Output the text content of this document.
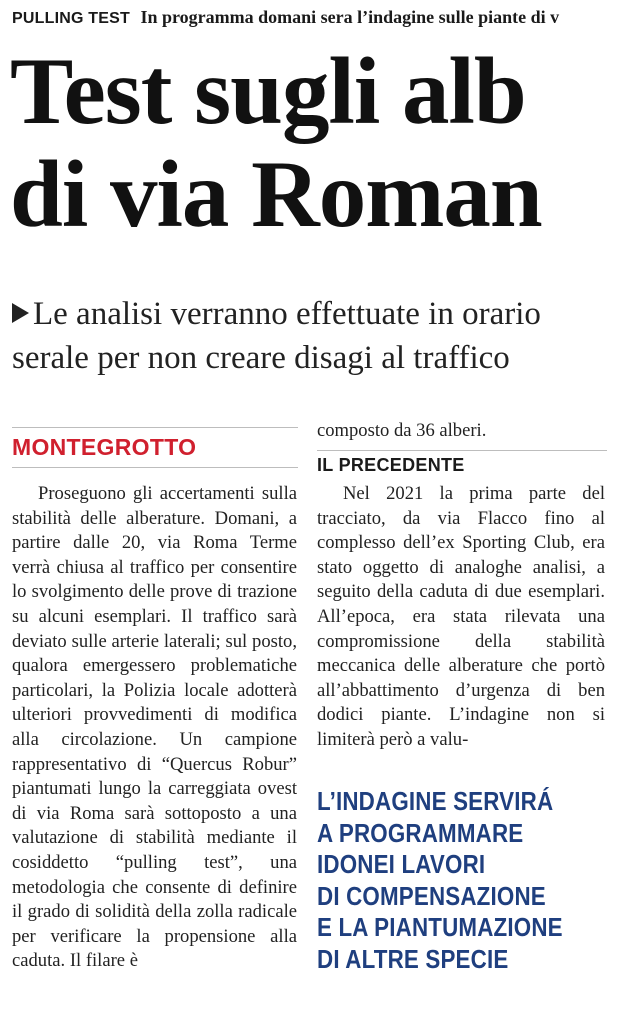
PULLING TEST In programma domani sera l’indagine sulle piante di v
Test sugli alb
di via Roman
Le analisi verranno effettuate in orario
serale per non creare disagi al traffico
MONTEGROTTO
Proseguono gli accertamenti sulla stabilità delle alberature. Domani, a partire dalle 20, via Roma Terme verrà chiusa al traffico per consentire lo svolgimento delle prove di trazione su alcuni esemplari. Il traffico sarà deviato sulle arterie laterali; sul posto, qualora emergessero problematiche particolari, la Polizia locale adotterà ulteriori provvedimenti di modifica alla circolazione. Un campione rappresentativo di “Quercus Robur” piantumati lungo la carreggiata ovest di via Roma sarà sottoposto a una valutazione di stabilità mediante il cosiddetto “pulling test”, una metodologia che consente di definire il grado di solidità della zolla radicale per verificare la propensione alla caduta. Il filare è
composto da 36 alberi.
IL PRECEDENTE
Nel 2021 la prima parte del tracciato, da via Flacco fino al complesso dell’ex Sporting Club, era stato oggetto di analoghe analisi, a seguito della caduta di due esemplari. All’epoca, era stata rilevata una compromissione della stabilità meccanica delle alberature che portò all’abbattimento d’urgenza di ben dodici piante. L’indagine non si limiterà però a valu-
L’INDAGINE SERVIRÁ
A PROGRAMMARE
IDONEI LAVORI
DI COMPENSAZIONE
E LA PIANTUMAZIONE
DI ALTRE SPECIE
